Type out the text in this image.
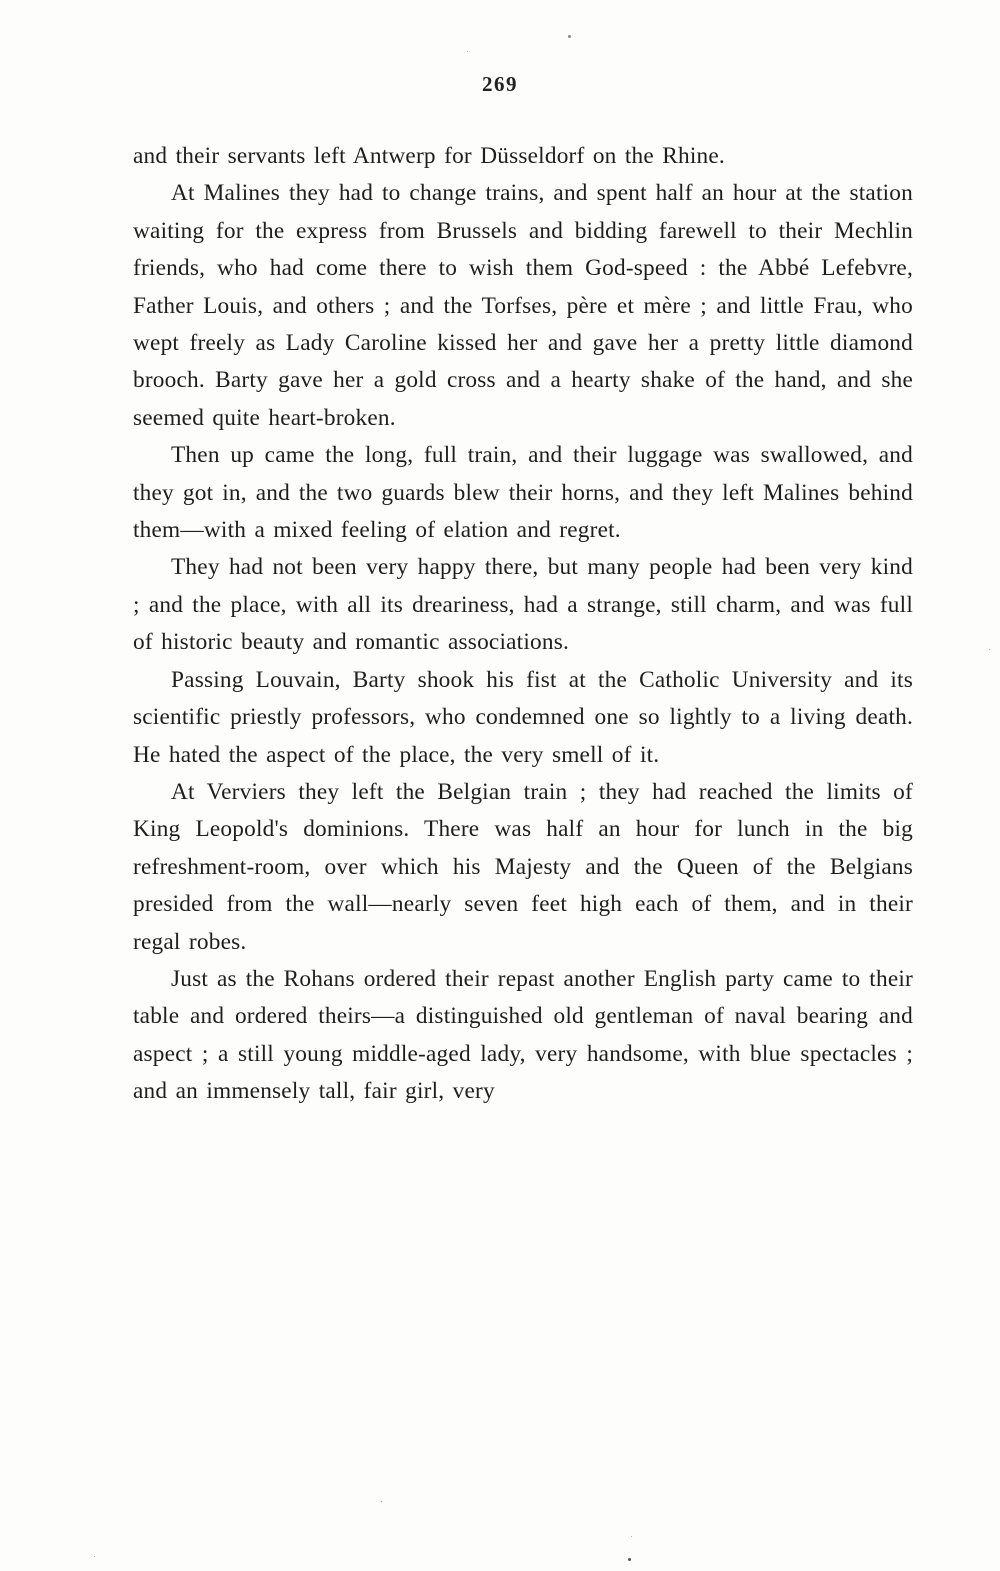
269

and their servants left Antwerp for Düsseldorf on the Rhine.

At Malines they had to change trains, and spent half an hour at the station waiting for the express from Brussels and bidding farewell to their Mechlin friends, who had come there to wish them God-speed : the Abbé Lefebvre, Father Louis, and others ; and the Torfses, père et mère ; and little Frau, who wept freely as Lady Caroline kissed her and gave her a pretty little diamond brooch. Barty gave her a gold cross and a hearty shake of the hand, and she seemed quite heart-broken.

Then up came the long, full train, and their luggage was swallowed, and they got in, and the two guards blew their horns, and they left Malines behind them—with a mixed feeling of elation and regret.

They had not been very happy there, but many people had been very kind ; and the place, with all its dreariness, had a strange, still charm, and was full of historic beauty and romantic associations.

Passing Louvain, Barty shook his fist at the Catholic University and its scientific priestly professors, who condemned one so lightly to a living death. He hated the aspect of the place, the very smell of it.

At Verviers they left the Belgian train ; they had reached the limits of King Leopold's dominions. There was half an hour for lunch in the big refreshment-room, over which his Majesty and the Queen of the Belgians presided from the wall—nearly seven feet high each of them, and in their regal robes.

Just as the Rohans ordered their repast another English party came to their table and ordered theirs—a distinguished old gentleman of naval bearing and aspect ; a still young middle-aged lady, very handsome, with blue spectacles ; and an immensely tall, fair girl, very
